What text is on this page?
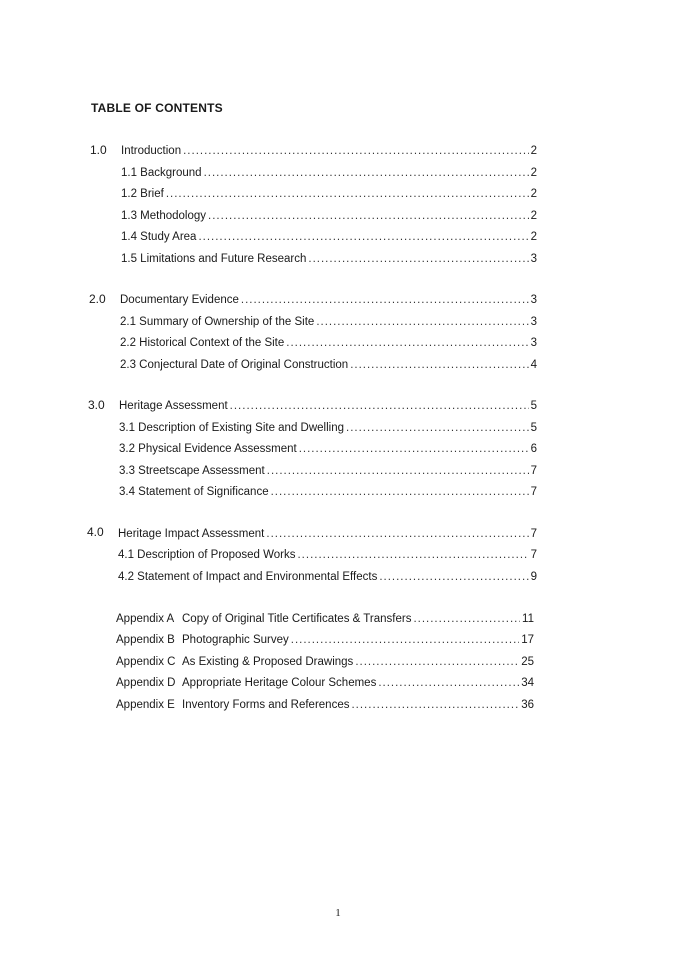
TABLE OF CONTENTS
1.0 Introduction .....	2
1.1 Background .....	2
1.2 Brief .....	2
1.3 Methodology .....	2
1.4 Study Area .....	2
1.5 Limitations and Future Research .....	3
2.0 Documentary Evidence .....	3
2.1 Summary of Ownership of the Site .....	3
2.2 Historical Context of the Site .....	3
2.3 Conjectural Date of Original Construction .....	4
3.0 Heritage Assessment .....	5
3.1 Description of Existing Site and Dwelling .....	5
3.2 Physical Evidence Assessment .....	6
3.3 Streetscape Assessment .....	7
3.4 Statement of Significance .....	7
4.0 Heritage Impact Assessment .....	7
4.1 Description of Proposed Works .....	7
4.2 Statement of Impact and Environmental Effects .....	9
Appendix A Copy of Original Title Certificates & Transfers .....	11
Appendix B Photographic Survey .....	17
Appendix C As Existing & Proposed Drawings .....	25
Appendix D Appropriate Heritage Colour Schemes .....	34
Appendix E Inventory Forms and References .....	36
1
